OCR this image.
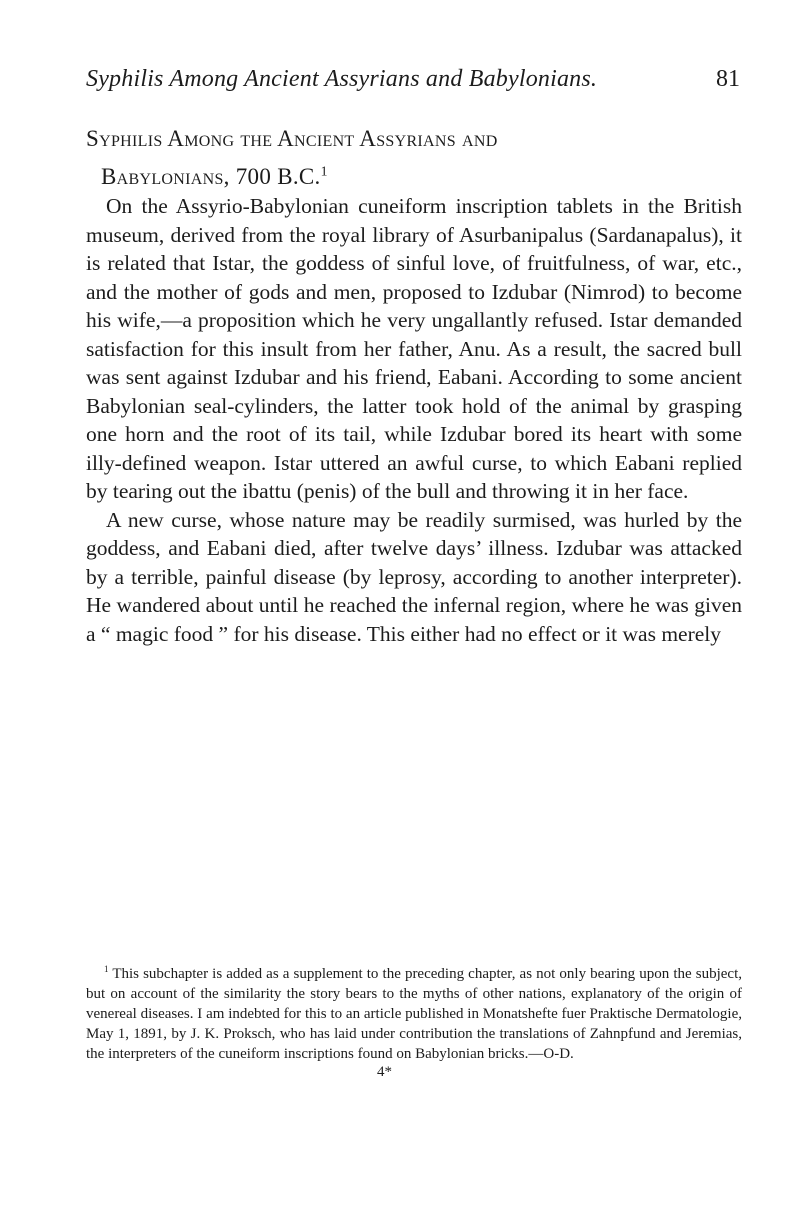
Syphilis Among Ancient Assyrians and Babylonians.	81
Syphilis Among the Ancient Assyrians and
Babylonians, 700 B.C.$^1$

On the Assyrio-Babylonian cuneiform inscription tablets in the British museum, derived from the royal library of Asurbanipalus (Sardanapalus), it is related that Istar, the goddess of sinful love, of fruitfulness, of war, etc., and the mother of gods and men, proposed to Izdubar (Nimrod) to become his wife,—a proposition which he very ungallantly refused. Istar demanded satisfaction for this insult from her father, Anu. As a result, the sacred bull was sent against Izdubar and his friend, Eabani. According to some ancient Babylonian seal-cylinders, the latter took hold of the animal by grasping one horn and the root of its tail, while Izdubar bored its heart with some illy-defined weapon. Istar uttered an awful curse, to which Eabani replied by tearing out the ibattu (penis) of the bull and throwing it in her face.

A new curse, whose nature may be readily surmised, was hurled by the goddess, and Eabani died, after twelve days’ illness. Izdubar was attacked by a terrible, painful disease (by leprosy, according to another interpreter). He wandered about until he reached the infernal region, where he was given a “ magic food ” for his disease. This either had no effect or it was merely

$^1$ This subchapter is added as a supplement to the preceding chapter, as not only bearing upon the subject, but on account of the similarity the story bears to the myths of other nations, explanatory of the origin of venereal diseases. I am indebted for this to an article published in Monatshefte fuer Praktische Dermatologie, May 1, 1891, by J. K. Proksch, who has laid under contribution the translations of Zahnpfund and Jeremias, the interpreters of the cuneiform inscriptions found on Babylonian bricks.—O-D.

4*
